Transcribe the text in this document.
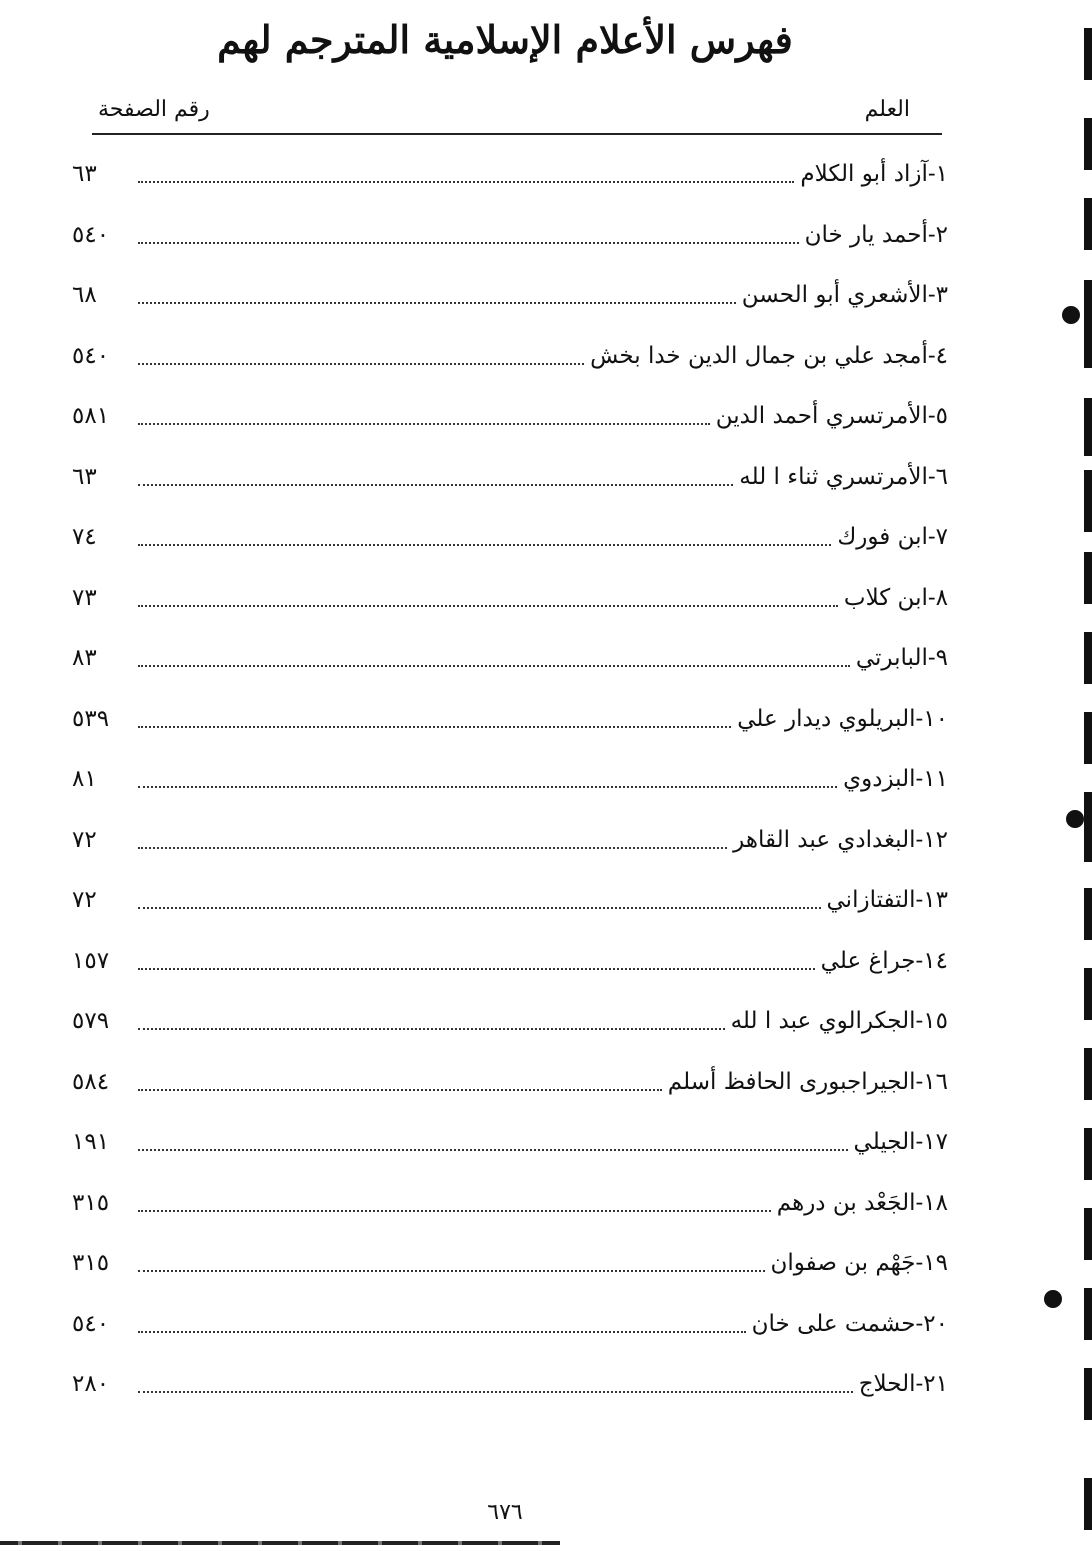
فهرس الأعلام الإسلامية المترجم لهم
العلم
رقم الصفحة
١-آزاد أبو الكلام
٦٣
٢-أحمد يار خان
٥٤٠
٣-الأشعري أبو الحسن
٦٨
٤-أمجد علي بن جمال الدين خدا بخش
٥٤٠
٥-الأمرتسري أحمد الدين
٥٨١
٦-الأمرتسري ثناء ا لله
٦٣
٧-ابن فورك
٧٤
٨-ابن كلاب
٧٣
٩-البابرتي
٨٣
١٠-البريلوي ديدار علي
٥٣٩
١١-البزدوي
٨١
١٢-البغدادي عبد القاهر
٧٢
١٣-التفتازاني
٧٢
١٤-جراغ علي
١٥٧
١٥-الجكرالوي عبد ا لله
٥٧٩
١٦-الجيراجبورى الحافظ أسلم
٥٨٤
١٧-الجيلي
١٩١
١٨-الجَعْد بن درهم
٣١٥
١٩-جَهْم بن صفوان
٣١٥
٢٠-حشمت على خان
٥٤٠
٢١-الحلاج
٢٨٠
٦٧٦
